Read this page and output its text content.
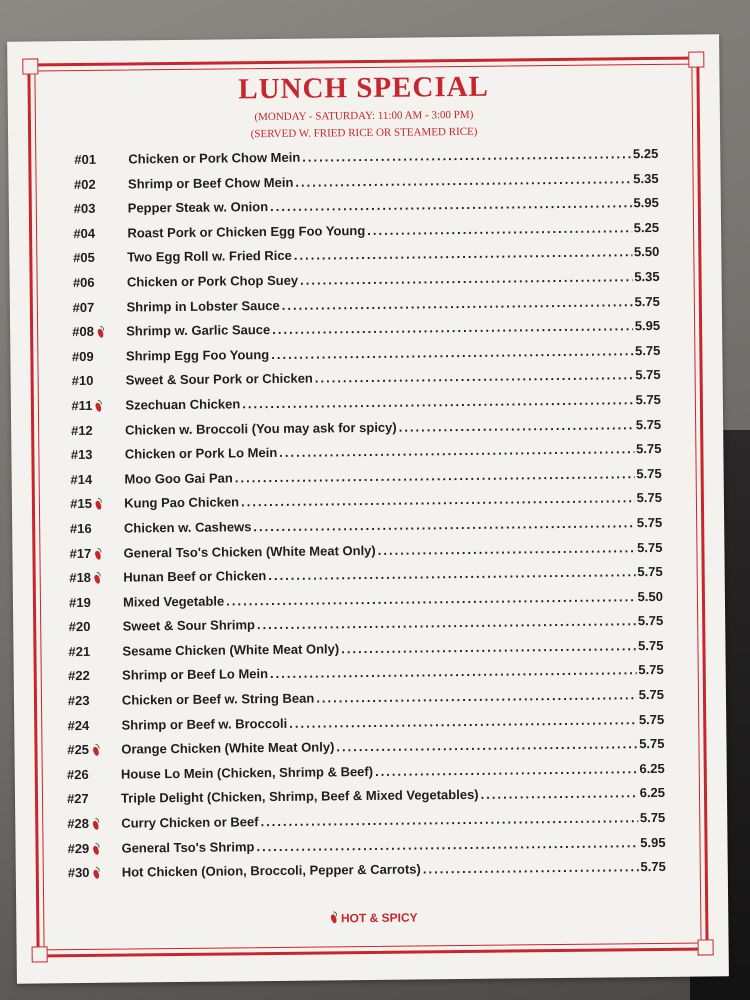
LUNCH SPECIAL
(MONDAY - SATURDAY: 11:00 AM - 3:00 PM)
(SERVED W. FRIED RICE OR STEAMED RICE)
#01	Chicken or Pork Chow Mein .....	5.25
#02	Shrimp or Beef Chow Mein .....	5.35
#03	Pepper Steak w. Onion .....	5.95
#04	Roast Pork or Chicken Egg Foo Young .....	5.25
#05	Two Egg Roll w. Fried Rice .....	5.50
#06	Chicken or Pork Chop Suey .....	5.35
#07	Shrimp in Lobster Sauce .....	5.75
#08	Shrimp w. Garlic Sauce .....	5.95
#09	Shrimp Egg Foo Young .....	5.75
#10	Sweet & Sour Pork or Chicken .....	5.75
#11	Szechuan Chicken .....	5.75
#12	Chicken w. Broccoli (You may ask for spicy) .....	5.75
#13	Chicken or Pork Lo Mein .....	5.75
#14	Moo Goo Gai Pan .....	5.75
#15	Kung Pao Chicken .....	5.75
#16	Chicken w. Cashews .....	5.75
#17	General Tso's Chicken (White Meat Only) .....	5.75
#18	Hunan Beef or Chicken .....	5.75
#19	Mixed Vegetable .....	5.50
#20	Sweet & Sour Shrimp .....	5.75
#21	Sesame Chicken (White Meat Only) .....	5.75
#22	Shrimp or Beef Lo Mein .....	5.75
#23	Chicken or Beef w. String Bean .....	5.75
#24	Shrimp or Beef w. Broccoli .....	5.75
#25	Orange Chicken (White Meat Only) .....	5.75
#26	House Lo Mein (Chicken, Shrimp & Beef) .....	6.25
#27	Triple Delight (Chicken, Shrimp, Beef & Mixed Vegetables) .....	6.25
#28	Curry Chicken or Beef .....	5.75
#29	General Tso's Shrimp .....	5.95
#30	Hot Chicken (Onion, Broccoli, Pepper & Carrots) .....	5.75
HOT & SPICY
